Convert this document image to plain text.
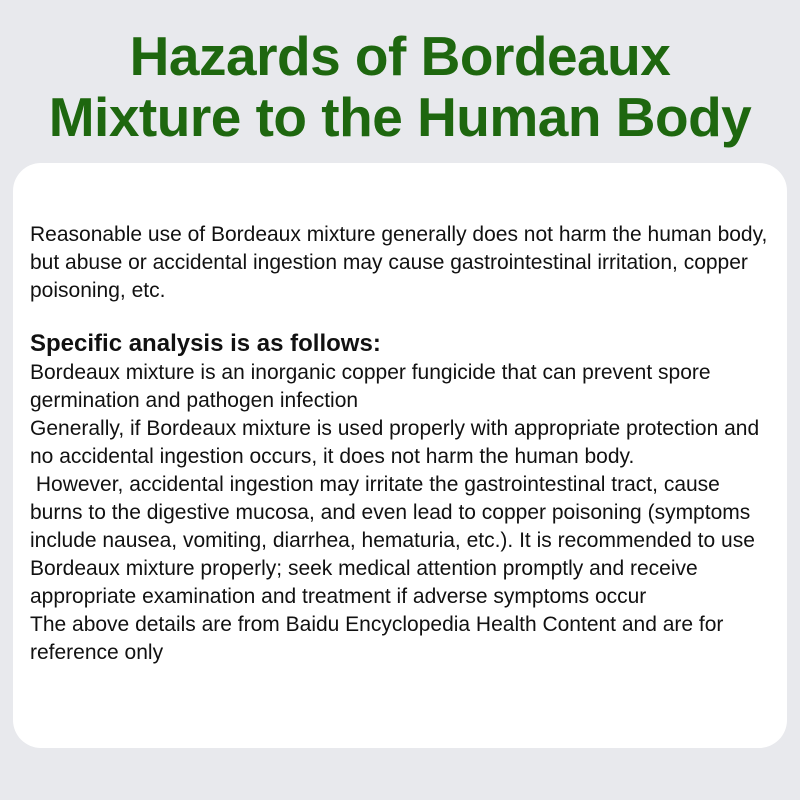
Hazards of Bordeaux
Mixture to the Human Body
Reasonable use of Bordeaux mixture generally does not harm the human body, but abuse or accidental ingestion may cause gastrointestinal irritation, copper poisoning, etc.
Specific analysis is as follows:
Bordeaux mixture is an inorganic copper fungicide that can prevent spore germination and pathogen infection
Generally, if Bordeaux mixture is used properly with appropriate protection and no accidental ingestion occurs, it does not harm the human body.
However, accidental ingestion may irritate the gastrointestinal tract, cause burns to the digestive mucosa, and even lead to copper poisoning (symptoms include nausea, vomiting, diarrhea, hematuria, etc.). It is recommended to use Bordeaux mixture properly; seek medical attention promptly and receive appropriate examination and treatment if adverse symptoms occur
The above details are from Baidu Encyclopedia Health Content and are for reference only
